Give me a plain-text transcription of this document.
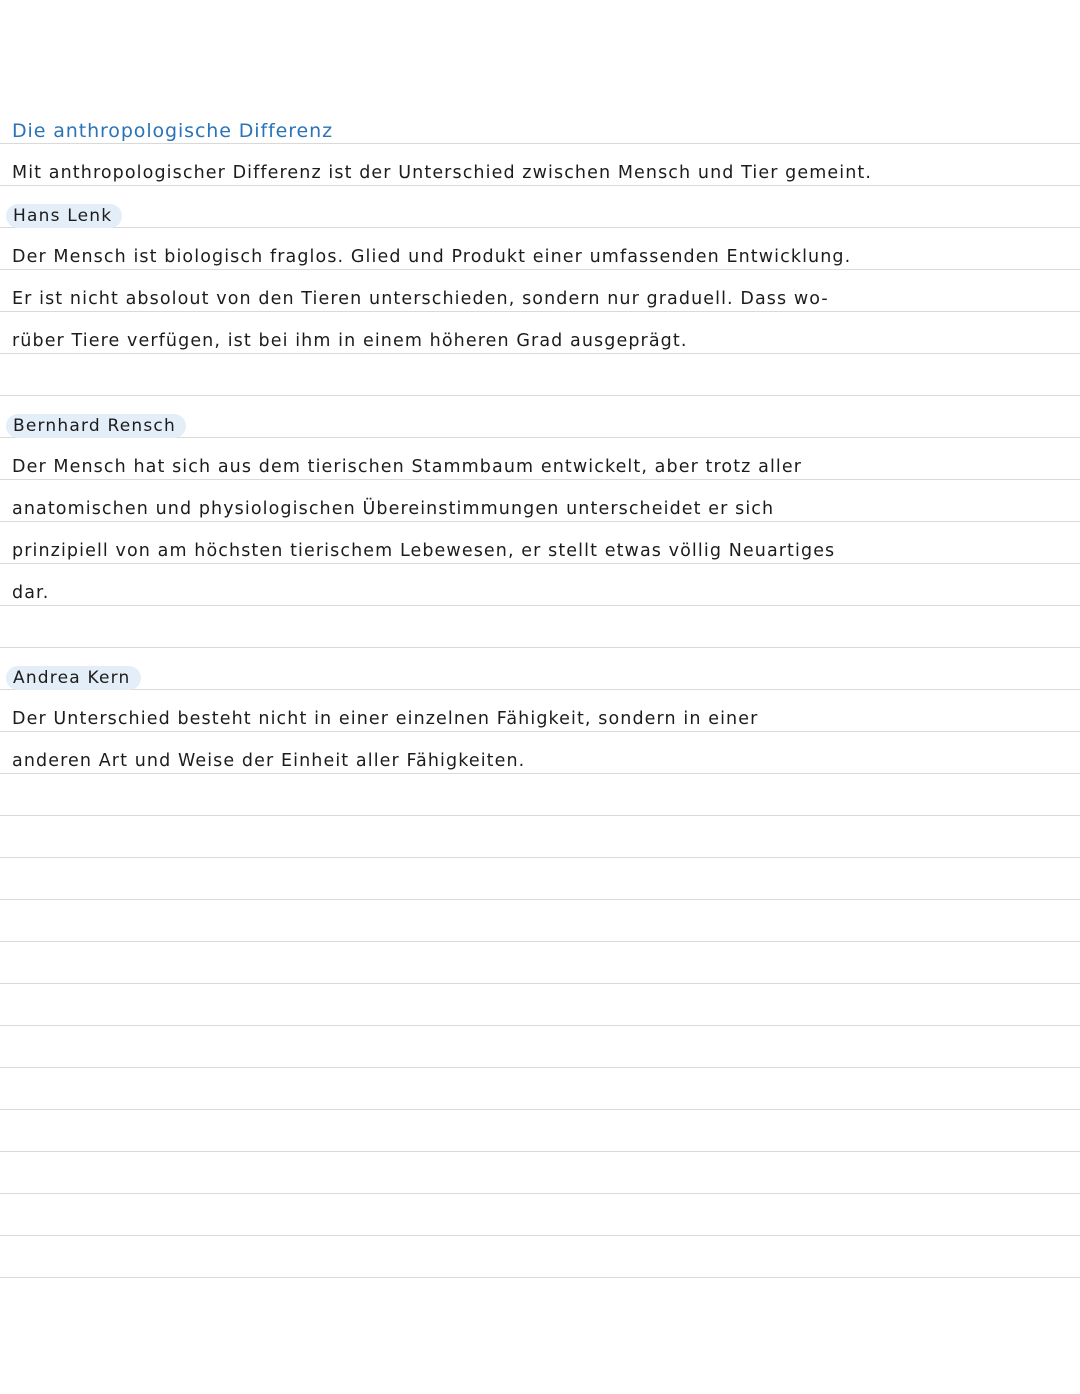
Die anthropologische Differenz
Mit anthropologischer Differenz ist der Unterschied zwischen Mensch und Tier gemeint.
Hans Lenk
Der Mensch ist biologisch fraglos. Glied und Produkt einer umfassenden Entwicklung.
Er ist nicht absolout von den Tieren unterschieden, sondern nur graduell. Dass wo-
rüber Tiere verfügen, ist bei ihm in einem höheren Grad ausgeprägt.
Bernhard Rensch
Der Mensch hat sich aus dem tierischen Stammbaum entwickelt, aber trotz aller
anatomischen und physiologischen Übereinstimmungen unterscheidet er sich
prinzipiell von am höchsten tierischem Lebewesen, er stellt etwas völlig Neuartiges
dar.
Andrea Kern
Der Unterschied besteht nicht in einer einzelnen Fähigkeit, sondern in einer
anderen Art und Weise der Einheit aller Fähigkeiten.
